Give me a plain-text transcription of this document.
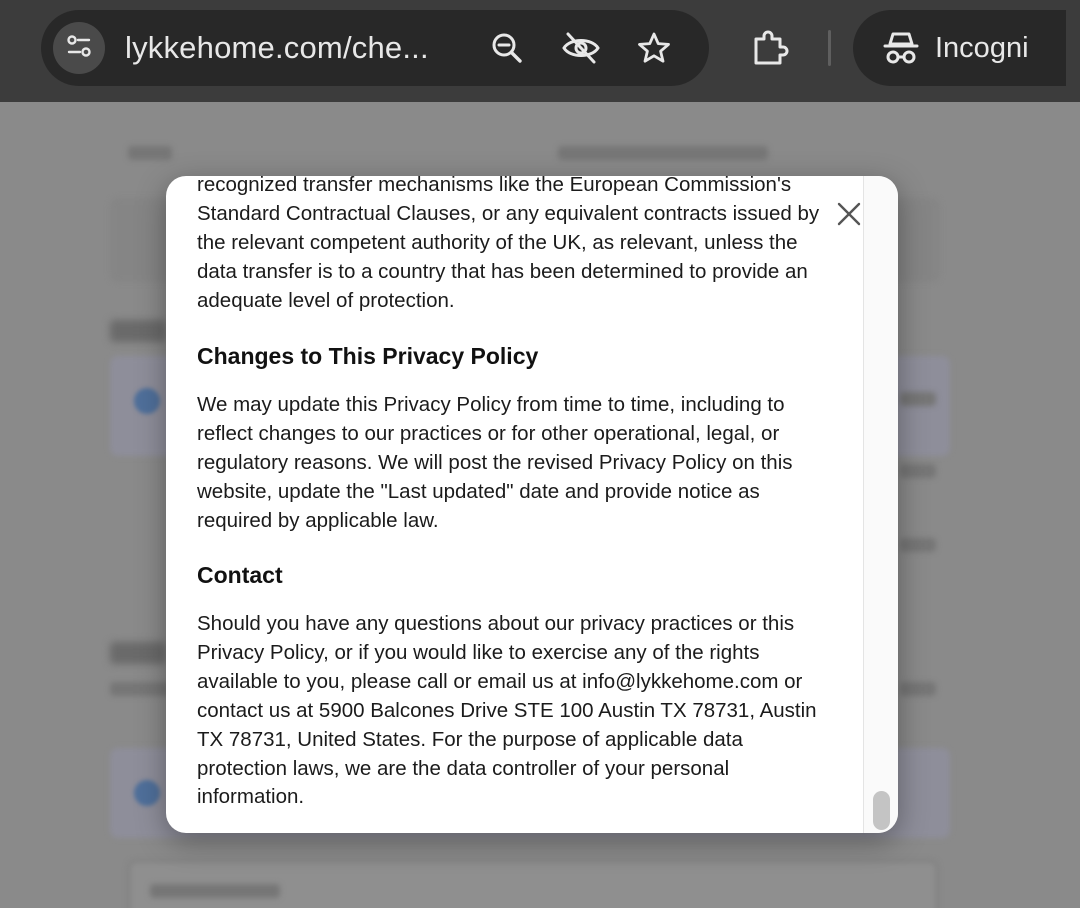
lykkehome.com/che...	Incogni

recognized transfer mechanisms like the European Commission's Standard Contractual Clauses, or any equivalent contracts issued by the relevant competent authority of the UK, as relevant, unless the data transfer is to a country that has been determined to provide an adequate level of protection.

Changes to This Privacy Policy

We may update this Privacy Policy from time to time, including to reflect changes to our practices or for other operational, legal, or regulatory reasons. We will post the revised Privacy Policy on this website, update the "Last updated" date and provide notice as required by applicable law.

Contact

Should you have any questions about our privacy practices or this Privacy Policy, or if you would like to exercise any of the rights available to you, please call or email us at info@lykkehome.com or contact us at 5900 Balcones Drive STE 100 Austin TX 78731, Austin TX 78731, United States. For the purpose of applicable data protection laws, we are the data controller of your personal information.
